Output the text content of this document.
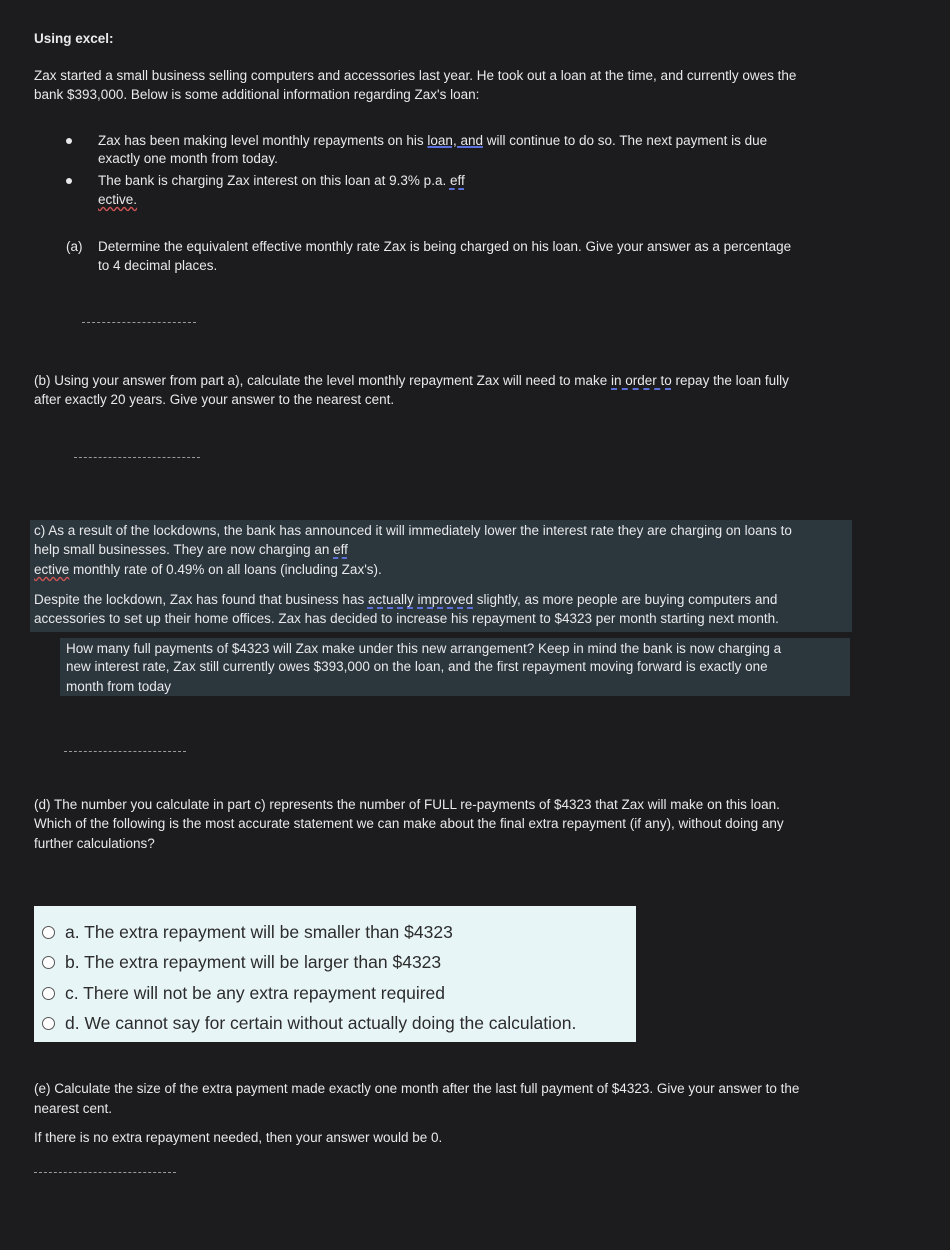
Using excel:
Zax started a small business selling computers and accessories last year. He took out a loan at the time, and currently owes the
bank $393,000. Below is some additional information regarding Zax's loan:
Zax has been making level monthly repayments on his loan, and will continue to do so. The next payment is due
exactly one month from today.
The bank is charging Zax interest on this loan at 9.3% p.a. eff
ective.
(a) Determine the equivalent effective monthly rate Zax is being charged on his loan. Give your answer as a percentage
to 4 decimal places.
(b) Using your answer from part a), calculate the level monthly repayment Zax will need to make in order to repay the loan fully
after exactly 20 years. Give your answer to the nearest cent.
c) As a result of the lockdowns, the bank has announced it will immediately lower the interest rate they are charging on loans to
help small businesses. They are now charging an eff
ective monthly rate of 0.49% on all loans (including Zax's).
Despite the lockdown, Zax has found that business has actually improved slightly, as more people are buying computers and
accessories to set up their home offices. Zax has decided to increase his repayment to $4323 per month starting next month.
How many full payments of $4323 will Zax make under this new arrangement? Keep in mind the bank is now charging a
new interest rate, Zax still currently owes $393,000 on the loan, and the first repayment moving forward is exactly one
month from today
(d) The number you calculate in part c) represents the number of FULL re-payments of $4323 that Zax will make on this loan.
Which of the following is the most accurate statement we can make about the final extra repayment (if any), without doing any
further calculations?
a. The extra repayment will be smaller than $4323
b. The extra repayment will be larger than $4323
c. There will not be any extra repayment required
d. We cannot say for certain without actually doing the calculation.
(e) Calculate the size of the extra payment made exactly one month after the last full payment of $4323. Give your answer to the
nearest cent.
If there is no extra repayment needed, then your answer would be 0.
